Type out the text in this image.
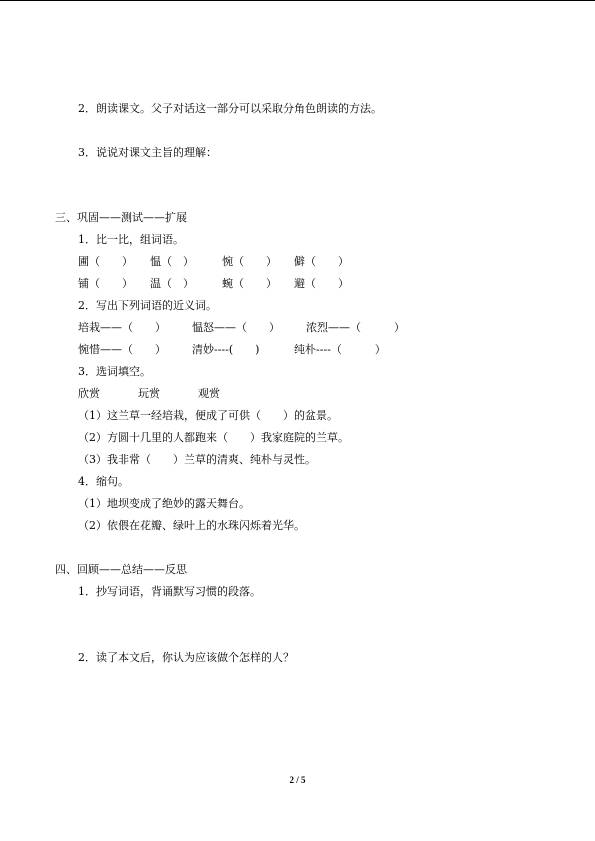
2．朗读课文。父子对话这一部分可以采取分角色朗读的方法。
3．说说对课文主旨的理解：
三、巩固——测试——扩展
1．比一比，组词语。
圃（　　） 愠（　）	惋（　　） 僻（　　）
铺（　　） 温（　）	蜿（　　） 避（　　）
2．写出下列词语的近义词。
培栽——（　　） 愠怒——（　　） 浓烈——（　　　）
惋惜——（　　） 清妙----(　　)	纯朴----（　　　）
3．选词填空。
欣赏	玩赏	观赏
（1）这兰草一经培栽，便成了可供（　　）的盆景。
（2）方圆十几里的人都跑来（　　）我家庭院的兰草。
（3）我非常（　　）兰草的清爽、纯朴与灵性。
4．缩句。
（1）地坝变成了绝妙的露天舞台。
（2）依偎在花瓣、绿叶上的水珠闪烁着光华。
四、回顾——总结——反思
1．抄写词语，背诵默写习惯的段落。
2．读了本文后，你认为应该做个怎样的人？
2 / 5
